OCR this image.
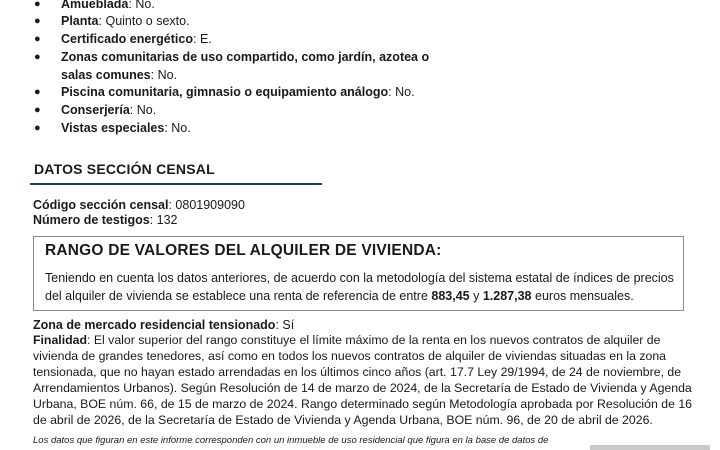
● Amueblada: No.
● Planta: Quinto o sexto.
● Certificado energético: E.
● Zonas comunitarias de uso compartido, como jardín, azotea o salas comunes: No.
● Piscina comunitaria, gimnasio o equipamiento análogo: No.
● Conserjería: No.
● Vistas especiales: No.
DATOS SECCIÓN CENSAL
Código sección censal: 0801909090
Número de testigos: 132
RANGO DE VALORES DEL ALQUILER DE VIVIENDA:
Teniendo en cuenta los datos anteriores, de acuerdo con la metodología del sistema estatal de índices de precios del alquiler de vivienda se establece una renta de referencia de entre 883,45 y 1.287,38 euros mensuales.
Zona de mercado residencial tensionado: Sí
Finalidad: El valor superior del rango constituye el límite máximo de la renta en los nuevos contratos de alquiler de vivienda de grandes tenedores, así como en todos los nuevos contratos de alquiler de viviendas situadas en la zona tensionada, que no hayan estado arrendadas en los últimos cinco años (art. 17.7 Ley 29/1994, de 24 de noviembre, de Arrendamientos Urbanos). Según Resolución de 14 de marzo de 2024, de la Secretaría de Estado de Vivienda y Agenda Urbana, BOE núm. 66, de 15 de marzo de 2024. Rango determinado según Metodología aprobada por Resolución de 16 de abril de 2026, de la Secretaría de Estado de Vivienda y Agenda Urbana, BOE núm. 96, de 20 de abril de 2026.
Los datos que figuran en este informe corresponden con un inmueble de uso residencial que figura en la base de datos de
